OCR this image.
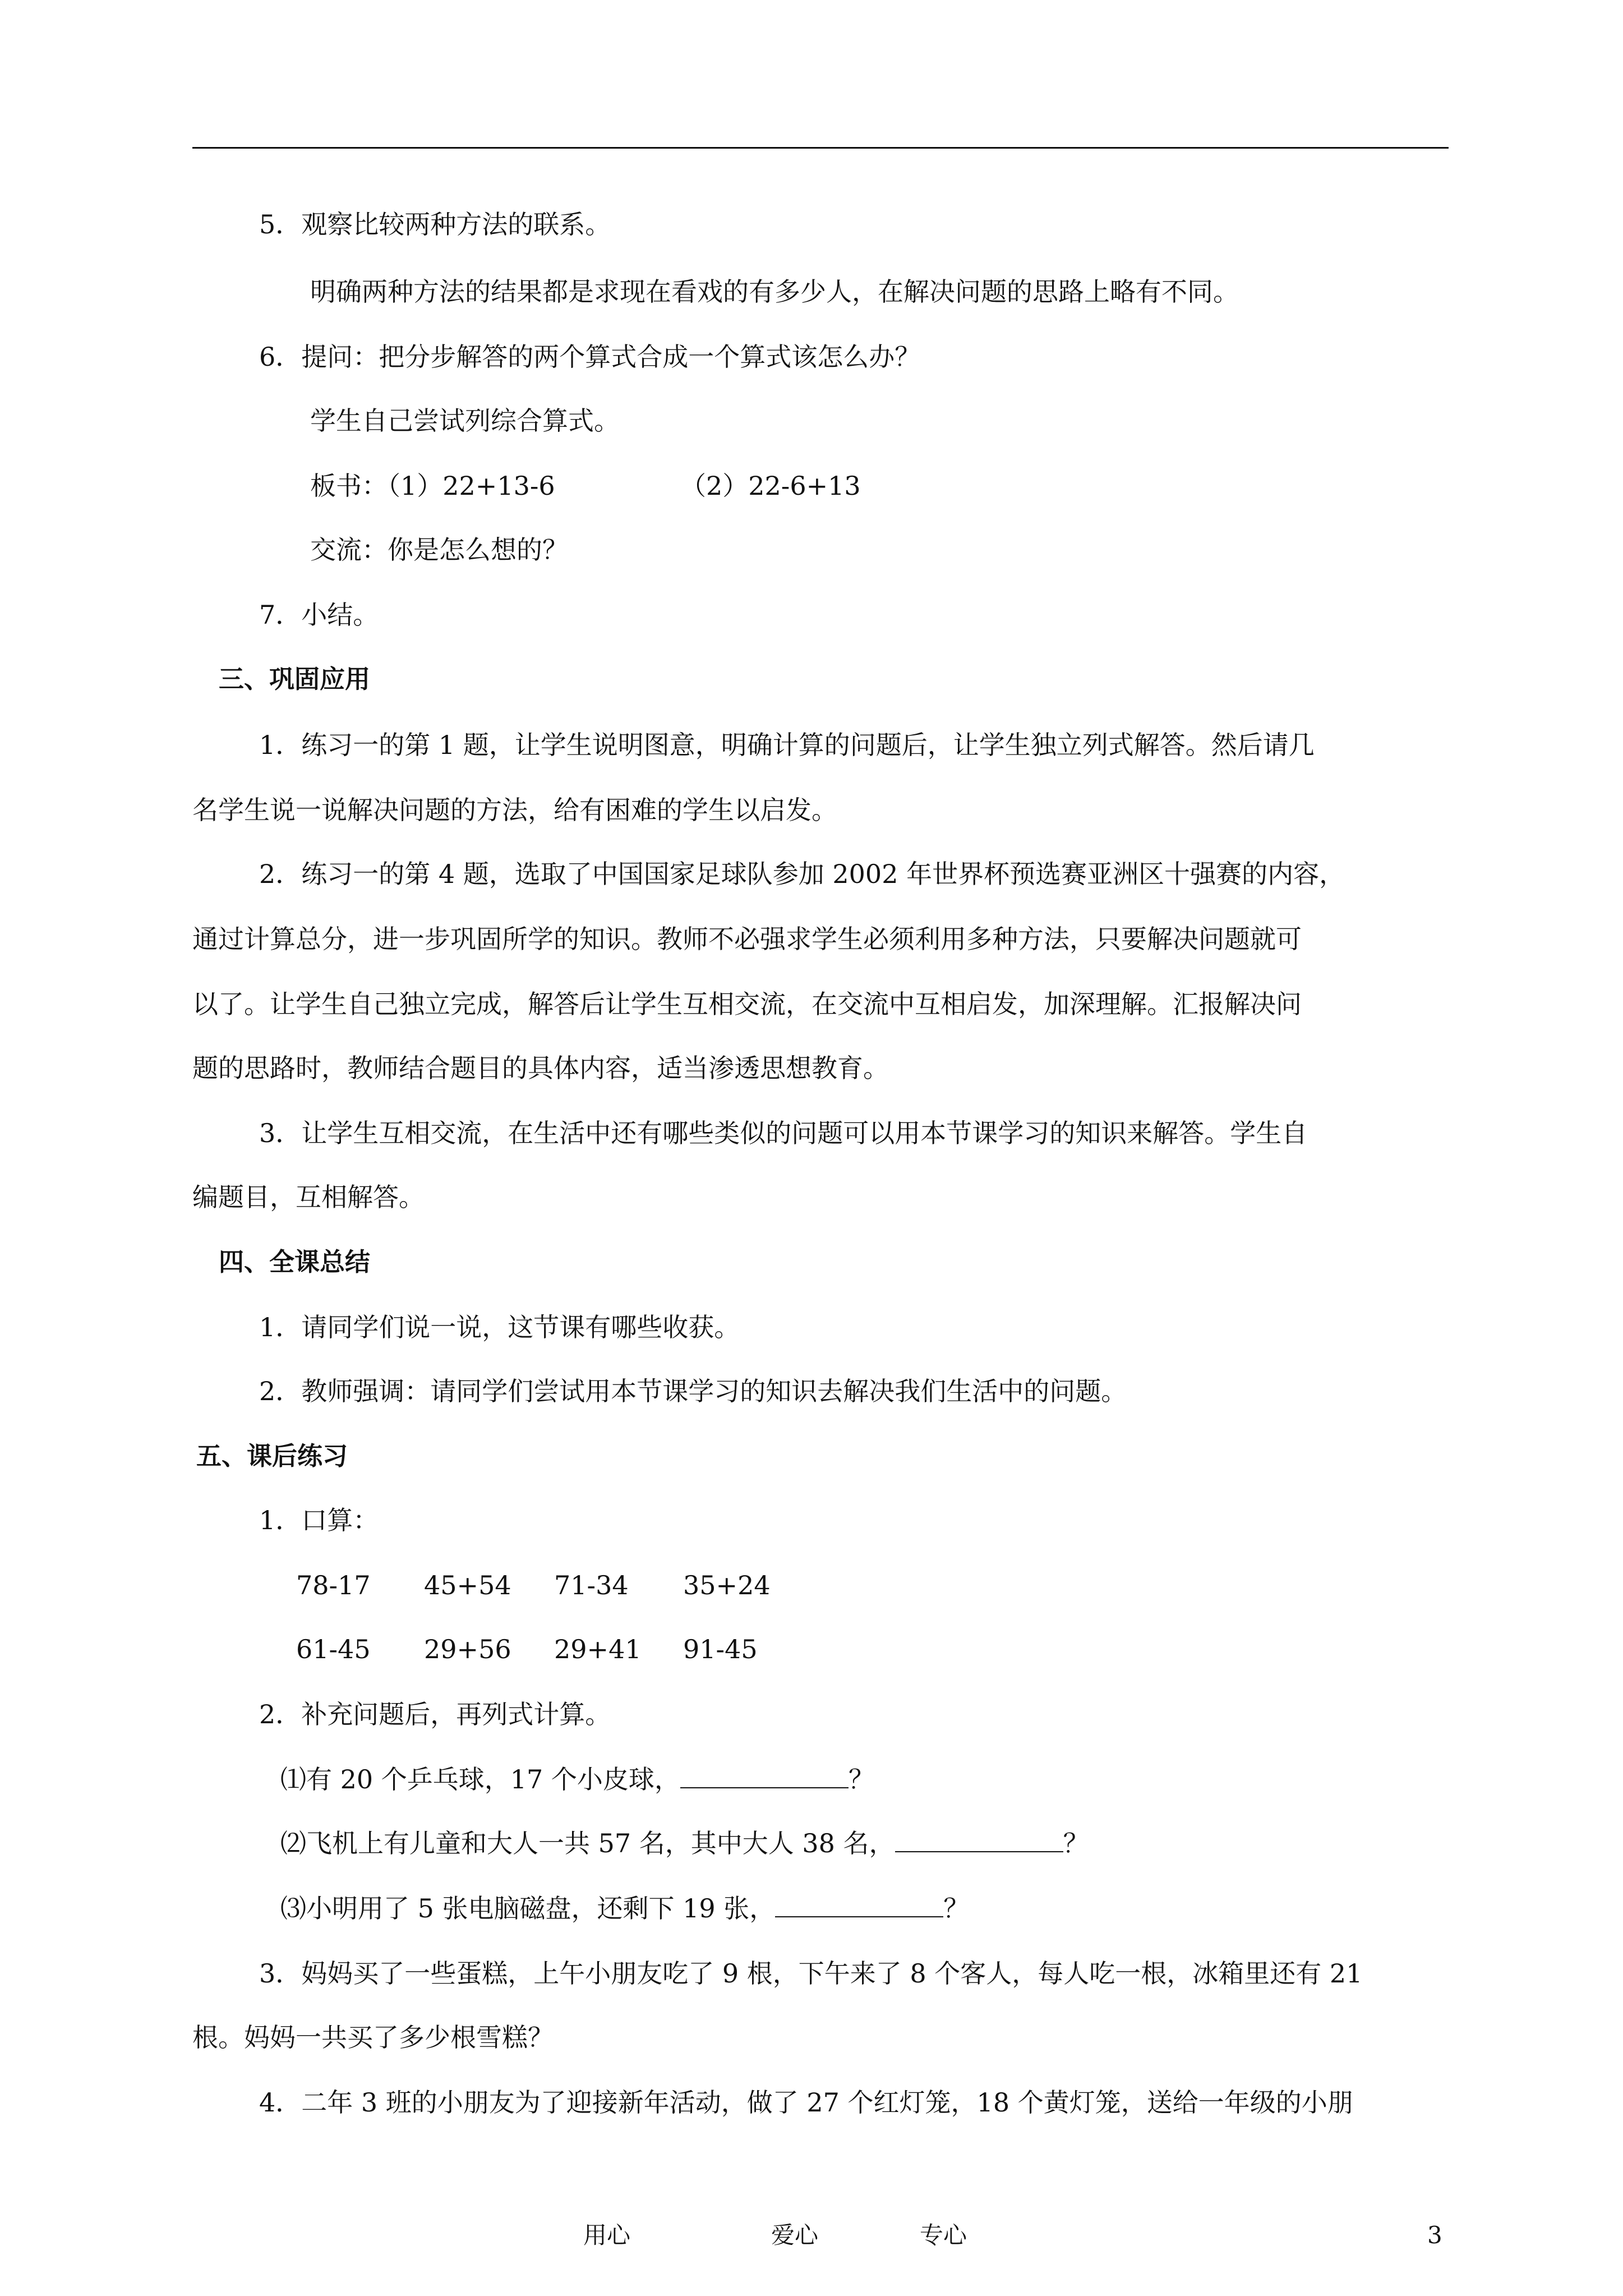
5．观察比较两种方法的联系。
明确两种方法的结果都是求现在看戏的有多少人，在解决问题的思路上略有不同。
6．提问：把分步解答的两个算式合成一个算式该怎么办？
学生自己尝试列综合算式。
板书：（1）22+13-6	（2）22-6+13
交流：你是怎么想的？
7．小结。
三、巩固应用
1．练习一的第 1 题，让学生说明图意，明确计算的问题后，让学生独立列式解答。然后请几
名学生说一说解决问题的方法，给有困难的学生以启发。
2．练习一的第 4 题，选取了中国国家足球队参加 2002 年世界杯预选赛亚洲区十强赛的内容，
通过计算总分，进一步巩固所学的知识。教师不必强求学生必须利用多种方法，只要解决问题就可
以了。让学生自己独立完成，解答后让学生互相交流，在交流中互相启发，加深理解。汇报解决问
题的思路时，教师结合题目的具体内容，适当渗透思想教育。
3．让学生互相交流，在生活中还有哪些类似的问题可以用本节课学习的知识来解答。学生自
编题目，互相解答。
四、全课总结
1．请同学们说一说，这节课有哪些收获。
2．教师强调：请同学们尝试用本节课学习的知识去解决我们生活中的问题。
五、课后练习
1．口算：
78-17 45+54 71-34 35+24
61-45 29+56 29+41 91-45
2．补充问题后，再列式计算。
⑴有 20 个乒乓球，17 个小皮球，	？
⑵飞机上有儿童和大人一共 57 名，其中大人 38 名，	？
⑶小明用了 5 张电脑磁盘，还剩下 19 张，	？
3．妈妈买了一些蛋糕，上午小朋友吃了 9 根，下午来了 8 个客人，每人吃一根，冰箱里还有 21
根。妈妈一共买了多少根雪糕？
4．二年 3 班的小朋友为了迎接新年活动，做了 27 个红灯笼，18 个黄灯笼，送给一年级的小朋
用心	爱心	专心	3
